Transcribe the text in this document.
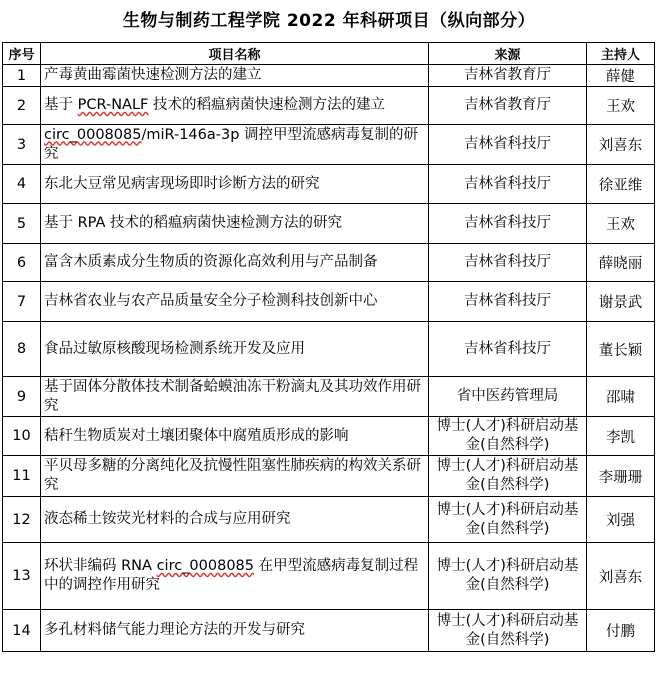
生物与制药工程学院 2022 年科研项目（纵向部分）
序号	项目名称	来源	主持人
1	产毒黄曲霉菌快速检测方法的建立	吉林省教育厅	薛健
2	基于 PCR-NALF 技术的稻瘟病菌快速检测方法的建立	吉林省教育厅	王欢
3	circ_0008085/miR-146a-3p 调控甲型流感病毒复制的研究	吉林省科技厅	刘喜东
4	东北大豆常见病害现场即时诊断方法的研究	吉林省科技厅	徐亚维
5	基于 RPA 技术的稻瘟病菌快速检测方法的研究	吉林省科技厅	王欢
6	富含木质素成分生物质的资源化高效利用与产品制备	吉林省科技厅	薛晓丽
7	吉林省农业与农产品质量安全分子检测科技创新中心	吉林省科技厅	谢景武
8	食品过敏原核酸现场检测系统开发及应用	吉林省科技厅	董长颖
9	基于固体分散体技术制备蛤蟆油冻干粉滴丸及其功效作用研究	省中医药管理局	邵啸
10	秸秆生物质炭对土壤团聚体中腐殖质形成的影响	博士(人才)科研启动基金(自然科学)	李凯
11	平贝母多糖的分离纯化及抗慢性阻塞性肺疾病的构效关系研究	博士(人才)科研启动基金(自然科学)	李珊珊
12	液态稀土铵荧光材料的合成与应用研究	博士(人才)科研启动基金(自然科学)	刘强
13	环状非编码 RNA circ_0008085 在甲型流感病毒复制过程中的调控作用研究	博士(人才)科研启动基金(自然科学)	刘喜东
14	多孔材料储气能力理论方法的开发与研究	博士(人才)科研启动基金(自然科学)	付鹏
